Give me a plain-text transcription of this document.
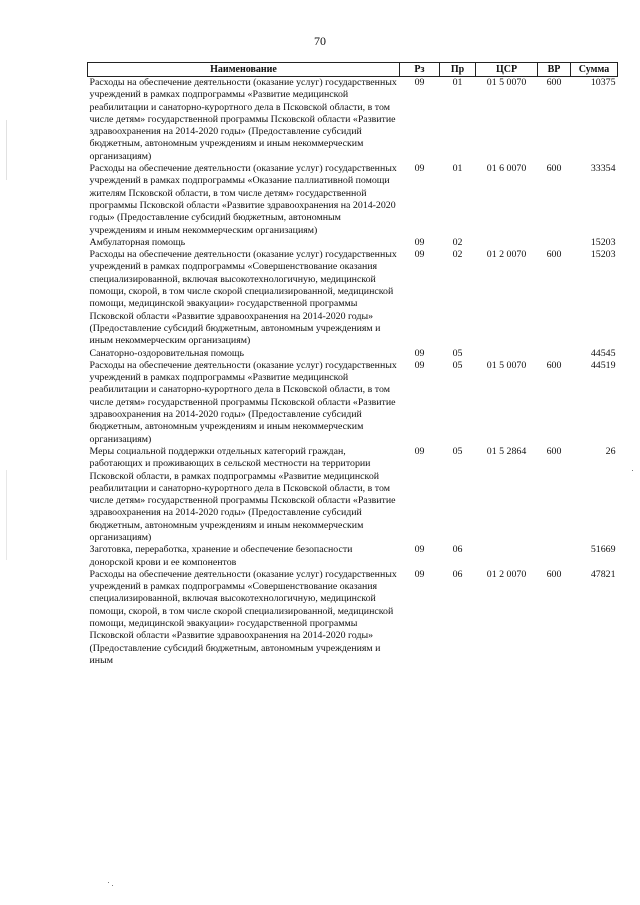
70
Наименование	Рз	Пр	ЦСР	ВР	Сумма
Расходы на обеспечение деятельности (оказание услуг) государственных учреждений в рамках подпрограммы «Развитие медицинской реабилитации и санаторно-курортного дела в Псковской области, в том числе детям» государственной программы Псковской области «Развитие здравоохранения на 2014-2020 годы» (Предоставление субсидий бюджетным, автономным учреждениям и иным некоммерческим организациям)	09	01	01 5 0070	600	10375
Расходы на обеспечение деятельности (оказание услуг) государственных учреждений в рамках подпрограммы «Оказание паллиативной помощи жителям Псковской области, в том числе детям» государственной программы Псковской области «Развитие здравоохранения на 2014-2020 годы» (Предоставление субсидий бюджетным, автономным учреждениям и иным некоммерческим организациям)	09	01	01 6 0070	600	33354
Амбулаторная помощь	09	02			15203
Расходы на обеспечение деятельности (оказание услуг) государственных учреждений в рамках подпрограммы «Совершенствование оказания специализированной, включая высокотехнологичную, медицинской помощи, скорой, в том числе скорой специализированной, медицинской помощи, медицинской эвакуации» государственной программы Псковской области «Развитие здравоохранения на 2014-2020 годы» (Предоставление субсидий бюджетным, автономным учреждениям и иным некоммерческим организациям)	09	02	01 2 0070	600	15203
Санаторно-оздоровительная помощь	09	05			44545
Расходы на обеспечение деятельности (оказание услуг) государственных учреждений в рамках подпрограммы «Развитие медицинской реабилитации и санаторно-курортного дела в Псковской области, в том числе детям» государственной программы Псковской области «Развитие здравоохранения на 2014-2020 годы» (Предоставление субсидий бюджетным, автономным учреждениям и иным некоммерческим организациям)	09	05	01 5 0070	600	44519
Меры социальной поддержки отдельных категорий граждан, работающих и проживающих в сельской местности на территории Псковской области, в рамках подпрограммы «Развитие медицинской реабилитации и санаторно-курортного дела в Псковской области, в том числе детям» государственной программы Псковской области «Развитие здравоохранения на 2014-2020 годы» (Предоставление субсидий бюджетным, автономным учреждениям и иным некоммерческим организациям)	09	05	01 5 2864	600	26
Заготовка, переработка, хранение и обеспечение безопасности донорской крови и ее компонентов	09	06			51669
Расходы на обеспечение деятельности (оказание услуг) государственных учреждений в рамках подпрограммы «Совершенствование оказания специализированной, включая высокотехнологичную, медицинской помощи, скорой, в том числе скорой специализированной, медицинской помощи, медицинской эвакуации» государственной программы Псковской области «Развитие здравоохранения на 2014-2020 годы» (Предоставление субсидий бюджетным, автономным учреждениям и иным	09	06	01 2 0070	600	47821
